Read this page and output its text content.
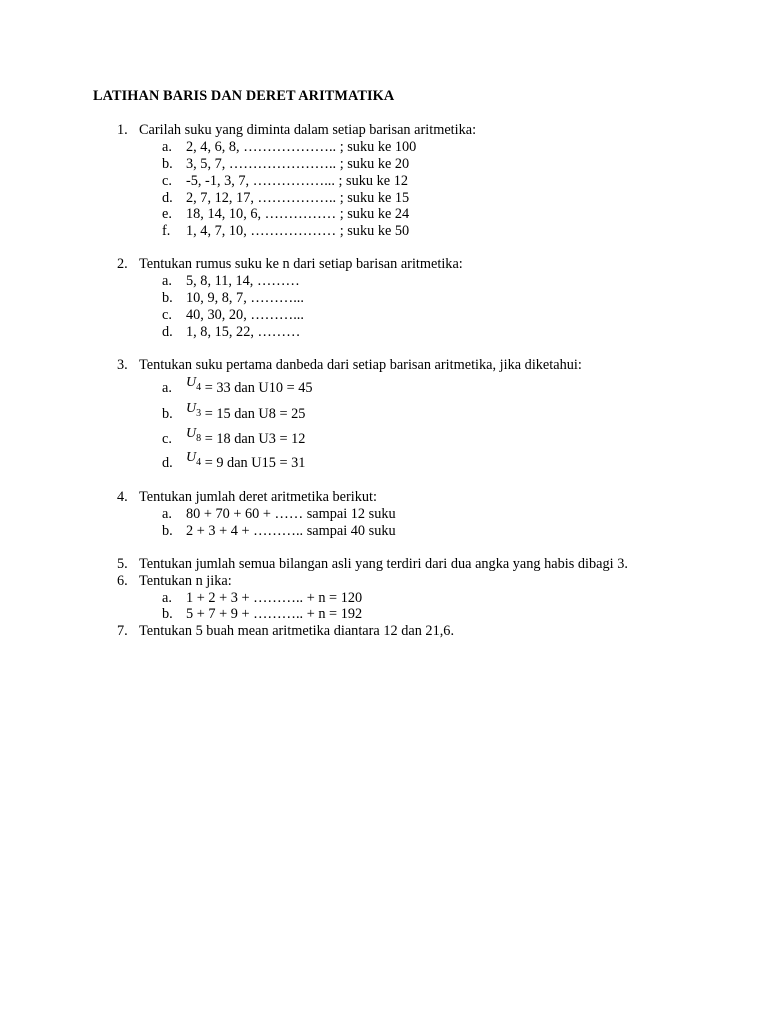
LATIHAN BARIS DAN DERET ARITMATIKA
1. Carilah suku yang diminta dalam setiap barisan aritmetika:
a. 2, 4, 6, 8, ……………….. ; suku ke 100
b. 3, 5, 7, ………………….. ; suku ke 20
c. -5, -1, 3, 7, ……………... ; suku ke 12
d. 2, 7, 12, 17, …………….. ; suku ke 15
e. 18, 14, 10, 6, …………… ; suku ke 24
f. 1, 4, 7, 10, ……………… ; suku ke 50
2. Tentukan rumus suku ke n dari setiap barisan aritmetika:
a. 5, 8, 11, 14, ………
b. 10, 9, 8, 7, ………...
c. 40, 30, 20, ………...
d. 1, 8, 15, 22, ………
3. Tentukan suku pertama danbeda dari setiap barisan aritmetika, jika diketahui:
a. $U_4 = 33$ dan U10 = 45
b. $U_3 = 15$ dan U8 = 25
c. $U_8 = 18$ dan U3 = 12
d. $U_4 = 9$ dan U15 = 31
4. Tentukan jumlah deret aritmetika berikut:
a. 80 + 70 + 60 + …… sampai 12 suku
b. 2 + 3 + 4 + ……….. sampai 40 suku
5. Tentukan jumlah semua bilangan asli yang terdiri dari dua angka yang habis dibagi 3.
6. Tentukan n jika:
a. 1 + 2 + 3 + ……….. + n = 120
b. 5 + 7 + 9 + ……….. + n = 192
7. Tentukan 5 buah mean aritmetika diantara 12 dan 21,6.
